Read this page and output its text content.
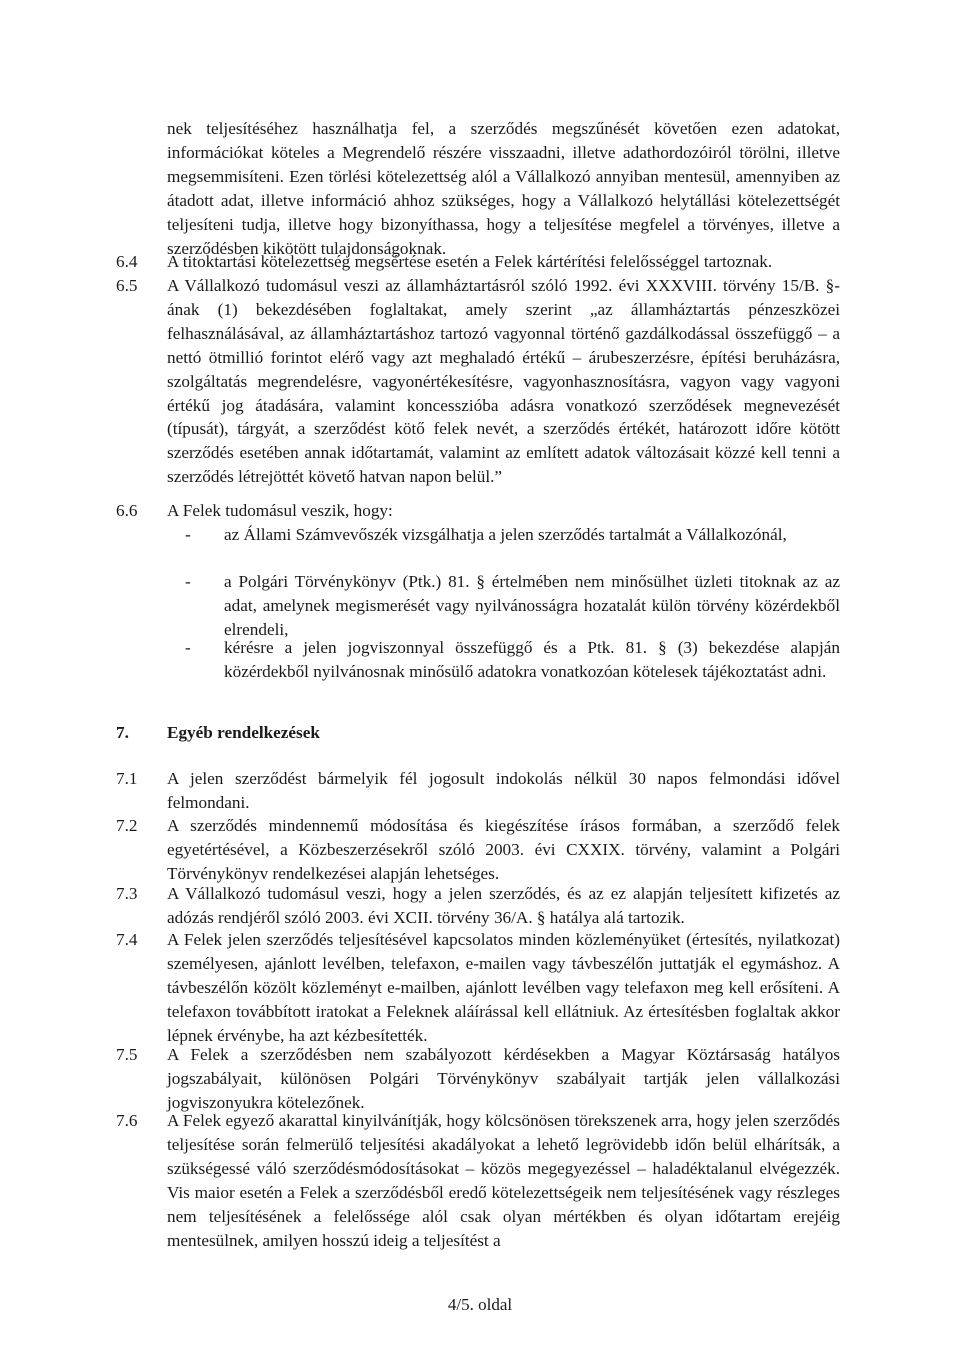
nek teljesítéséhez használhatja fel, a szerződés megszűnését követően ezen adatokat, információkat köteles a Megrendelő részére visszaadni, illetve adathordozóiról törölni, illetve megsemmisíteni. Ezen törlési kötelezettség alól a Vállalkozó annyiban mentesül, amennyiben az átadott adat, illetve információ ahhoz szükséges, hogy a Vállalkozó helytállási kötelezettségét teljesíteni tudja, illetve hogy bizonyíthassa, hogy a teljesítése megfelel a törvényes, illetve a szerződésben kikötött tulajdonságoknak.
6.4	A titoktartási kötelezettség megsértése esetén a Felek kártérítési felelősséggel tartoznak.
6.5	A Vállalkozó tudomásul veszi az államháztartásról szóló 1992. évi XXXVIII. törvény 15/B. §-ának (1) bekezdésében foglaltakat, amely szerint „az államháztartás pénzeszközei felhasználásával, az államháztartáshoz tartozó vagyonnal történő gazdálkodással összefüggő – a nettó ötmillió forintot elérő vagy azt meghaladó értékű – árubeszerzésre, építési beruházásra, szolgáltatás megrendelésre, vagyonértékesítésre, vagyonhasznosításra, vagyon vagy vagyoni értékű jog átadására, valamint koncesszióba adásra vonatkozó szerződések megnevezését (típusát), tárgyát, a szerződést kötő felek nevét, a szerződés értékét, határozott időre kötött szerződés esetében annak időtartamát, valamint az említett adatok változásait közzé kell tenni a szerződés létrejöttét követő hatvan napon belül.”
6.6	A Felek tudomásul veszik, hogy:
- az Állami Számvevőszék vizsgálhatja a jelen szerződés tartalmát a Vállalkozónál,
- a Polgári Törvénykönyv (Ptk.) 81. § értelmében nem minősülhet üzleti titoknak az az adat, amelynek megismerését vagy nyilvánosságra hozatalát külön törvény közérdekből elrendeli,
- kérésre a jelen jogviszonnyal összefüggő és a Ptk. 81. § (3) bekezdése alapján közérdekből nyilvánosnak minősülő adatokra vonatkozóan kötelesek tájékoztatást adni.
7.	Egyéb rendelkezések
7.1	A jelen szerződést bármelyik fél jogosult indokolás nélkül 30 napos felmondási idővel felmondani.
7.2	A szerződés mindennemű módosítása és kiegészítése írásos formában, a szerződő felek egyetértésével, a Közbeszerzésekről szóló 2003. évi CXXIX. törvény, valamint a Polgári Törvénykönyv rendelkezései alapján lehetséges.
7.3	A Vállalkozó tudomásul veszi, hogy a jelen szerződés, és az ez alapján teljesített kifizetés az adózás rendjéről szóló 2003. évi XCII. törvény 36/A. § hatálya alá tartozik.
7.4	A Felek jelen szerződés teljesítésével kapcsolatos minden közleményüket (értesítés, nyilatkozat) személyesen, ajánlott levélben, telefaxon, e-mailen vagy távbeszélőn juttatják el egymáshoz. A távbeszélőn közölt közleményt e-mailben, ajánlott levélben vagy telefaxon meg kell erősíteni. A telefaxon továbbított iratokat a Feleknek aláírással kell ellátniuk. Az értesítésben foglaltak akkor lépnek érvénybe, ha azt kézbesítették.
7.5	A Felek a szerződésben nem szabályozott kérdésekben a Magyar Köztársaság hatályos jogszabályait, különösen Polgári Törvénykönyv szabályait tartják jelen vállalkozási jogviszonyukra kötelezőnek.
7.6	A Felek egyező akarattal kinyilvánítják, hogy kölcsönösen törekszenek arra, hogy jelen szerződés teljesítése során felmerülő teljesítési akadályokat a lehető legrövidebb időn belül elhárítsák, a szükségessé váló szerződésmódosításokat – közös megegyezéssel – haladéktalanul elvégezzék. Vis maior esetén a Felek a szerződésből eredő kötelezettségeik nem teljesítésének vagy részleges nem teljesítésének a felelőssége alól csak olyan mértékben és olyan időtartam erejéig mentesülnek, amilyen hosszú ideig a teljesítést a
4/5. oldal
